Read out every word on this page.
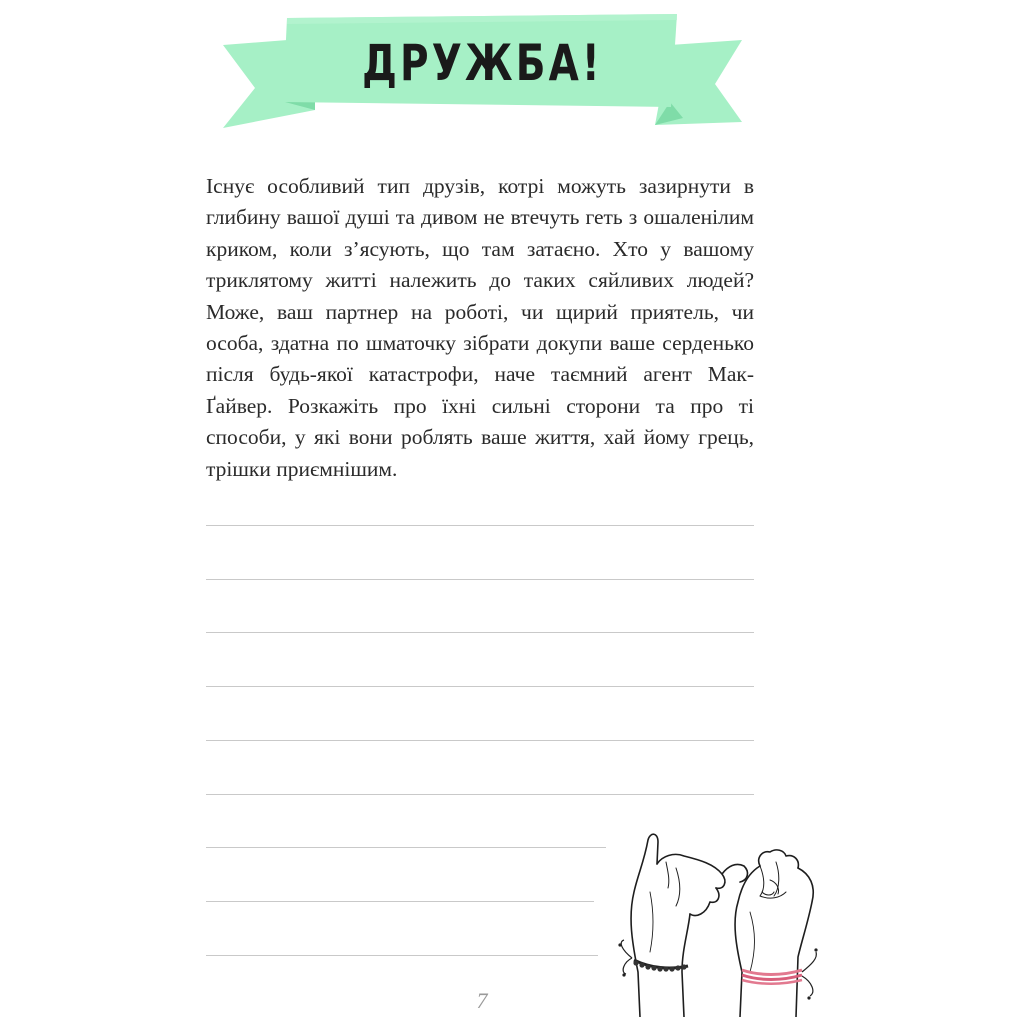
ДРУЖБА!
Існує особливий тип друзів, котрі можуть зазирнути в глибину вашої душі та дивом не втечуть геть з ошаленілим криком, коли з’ясують, що там затаєно. Хто у вашому триклятому житті належить до таких сяйливих людей? Може, ваш партнер на роботі, чи щирий приятель, чи особа, здатна по шматочку зібрати докупи ваше серденько після будь-якої катастрофи, наче таємний агент Мак-Ґайвер. Розкажіть про їхні сильні сторони та про ті способи, у які вони роблять ваше життя, хай йому грець, трішки приємнішим.
7
